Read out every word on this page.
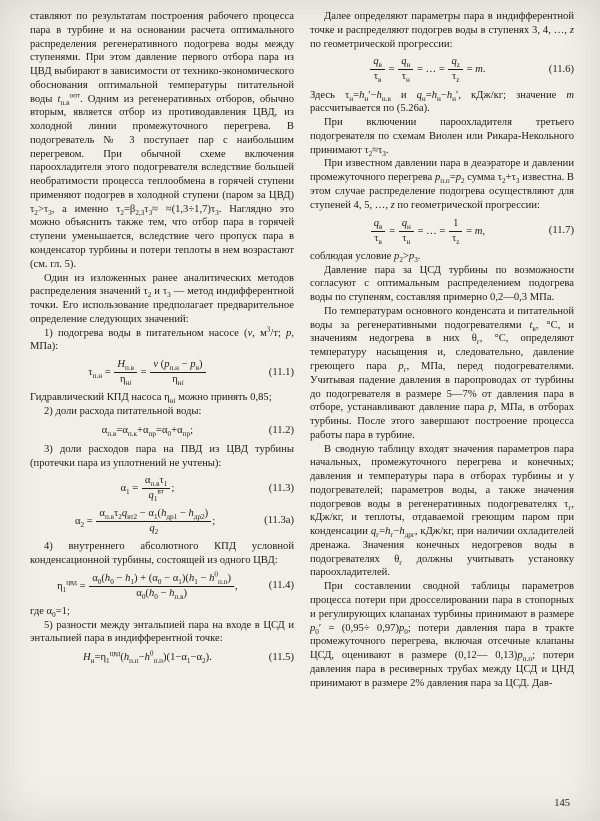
ставляют по результатам построения рабочего процесса пара в турбине и на основании расчета оптимального распределения регенеративного подогрева воды между ступенями. При этом давление первого отбора пара из ЦВД выбирают в зависимости от технико-экономического обоснования оптимальной температуры питательной воды $t_{п.в}^{опт}$. Одним из регенеративных отборов, обычно вторым, является отбор из противодавления ЦВД, из холодной линии промежуточного перегрева. В подогреватель № 3 поступает пар с наибольшим перегревом. При обычной схеме включения пароохладителя этого подогревателя вследствие большей необратимости процесса теплообмена в горячей ступени применяют подогрев в холодной ступени (паром за ЦВД) $\tau_2>\tau_3$, а именно $\tau_2=\beta_{2,3}\tau_3\approx \approx(1,3\div 1,7)\tau_3$. Наглядно это можно объяснить также тем, что отбор пара в горячей ступени уменьшается, вследствие чего пропуск пара в конденсатор турбины и потери теплоты в нем возрастают (см. гл. 5).

Один из изложенных ранее аналитических методов распределения значений $\tau_2$ и $\tau_3$ — метод индифферентной точки. Его использование предполагает предварительное определение следующих значений:

1) подогрева воды в питательном насосе (v, $м^3/т$; p, МПа):

$\tau_{п.н} = \frac{H_{п.в}}{\eta_{нi}} = \frac{v (p_{п.н} - p_в)}{\eta_{нi}}$	(11.1)

Гидравлический КПД насоса $\eta_{нi}$ можно принять 0,85;

2) доли расхода питательной воды:

$\alpha_{п.в}=\alpha_{п.к}+\alpha_{пр}=\alpha_0+\alpha_{пр}$;	(11.2)

3) доли расходов пара на ПВД из ЦВД турбины (протечки пара из уплотнений не учтены):

$\alpha_1 = \frac{\alpha_{п.в}\tau_1}{q_1^{вт}}$ ;	(11.3)
$\alpha_2 = \frac{\alpha_{п.в}\tau_2q_{вт2} - \alpha_1(h_{др1} - h_{др2})}{q_2}$ ;	(11.3а)

4) внутреннего абсолютного КПД условной конденсационной турбины, состоящей из одного ЦВД:

$\eta_1^{цвд} = \frac{\alpha_0(h_0 - h_1) + (\alpha_0 - \alpha_1)(h_1 - h^0_{п.п})}{\alpha_0(h_0 - h_{п.в})}$ ,	(11.4)

где $\alpha_0=1$;

5) разности между энтальпией пара на входе в ЦСД и энтальпией пара в индифферентной точке:

$H_и=\eta_1^{цвд}(h_{п.п}-h^0_{п.п})(1-\alpha_1-\alpha_2)$.	(11.5)

Далее определяют параметры пара в индифферентной точке и распределяют подогрев воды в ступенях 3, 4, …, z по геометрической прогрессии:

$\frac{q_в}{\tau_в} = \frac{q_н}{\tau_н}$ = … = $\frac{q_z}{\tau_z} = m$.	(11.6)

Здесь $\tau_н=h_н'-h_{н.в}$ и $q_н=h_н-h_н'$, кДж/кг; значение m рассчитывается по (5.26а).

При включении пароохладителя третьего подогревателя по схемам Виолен или Рикара-Некольного принимают $\tau_2\approx\tau_3$.

При известном давлении пара в деаэраторе и давлении промежуточного перегрева $p_{п.п}=p_2$ сумма $\tau_2+\tau_3$ известна. В этом случае распределение подогрева осуществляют для ступеней 4, 5, …, z по геометрической прогрессии:

$\frac{q_в}{\tau_в} = \frac{q_н}{\tau_н}$ = … = $\frac{1}{\tau_z} = m$,	(11.7)

соблюдая условие $p_2>p_3$.

Давление пара за ЦСД турбины по возможности согласуют с оптимальным распределением подогрева воды по ступеням, составляя примерно 0,2—0,3 МПа.

По температурам основного конденсата и питательной воды за регенеративными подогревателями $t_в$, °С, и значениям недогрева в них $\theta_г$, °С, определяют температуру насыщения и, следовательно, давление греющего пара $p_г$, МПа, перед подогревателями. Учитывая падение давления в паропроводах от турбины до подогревателя в размере 5—7% от давления пара в отборе, устанавливают давление пара p, МПа, в отборах турбины. После этого завершают построение процесса работы пара в турбине.

В сводную таблицу входят значения параметров пара начальных, промежуточного перегрева и конечных; давления и температуры пара в отборах турбины и у подогревателей; параметров воды, а также значения подогревов воды в регенеративных подогревателях $\tau_г$, кДж/кг, и теплоты, отдаваемой греющим паром при конденсации $q_г=h_г-h_{дрг}$, кДж/кг, при наличии охладителей дренажа. Значения конечных недогревов воды в подогревателях $\theta_г$ должны учитывать установку пароохладителей.

При составлении сводной таблицы параметров процесса потери при дросселировании пара в стопорных и регулирующих клапанах турбины принимают в размере $p_0' = (0,95\div 0,97)p_0$; потери давления пара в тракте промежуточного перегрева, включая отсечные клапаны ЦСД, оценивают в размере (0,12— $0,13)p_{п.п}$; потери давления пара в ресиверных трубах между ЦСД и ЦНД принимают в размере 2% давления пара за ЦСД. Дав-

145
